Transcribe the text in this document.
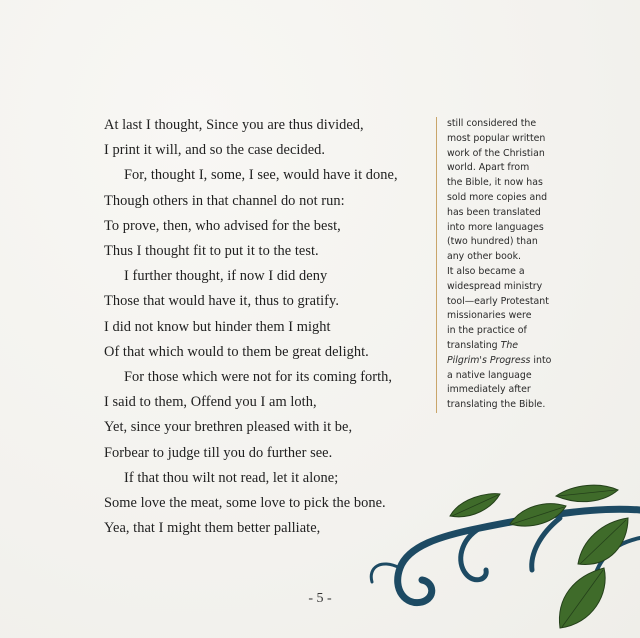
At last I thought, Since you are thus divided,
I print it will, and so the case decided.
For, thought I, some, I see, would have it done,
Though others in that channel do not run:
To prove, then, who advised for the best,
Thus I thought fit to put it to the test.
I further thought, if now I did deny
Those that would have it, thus to gratify.
I did not know but hinder them I might
Of that which would to them be great delight.
For those which were not for its coming forth,
I said to them, Offend you I am loth,
Yet, since your brethren pleased with it be,
Forbear to judge till you do further see.
If that thou wilt not read, let it alone;
Some love the meat, some love to pick the bone.
Yea, that I might them better palliate,
still considered the
most popular written
work of the Christian
world. Apart from
the Bible, it now has
sold more copies and
has been translated
into more languages
(two hundred) than
any other book.
It also became a
widespread ministry
tool—early Protestant
missionaries were
in the practice of
translating The
Pilgrim's Progress into
a native language
immediately after
translating the Bible.
- 5 -
